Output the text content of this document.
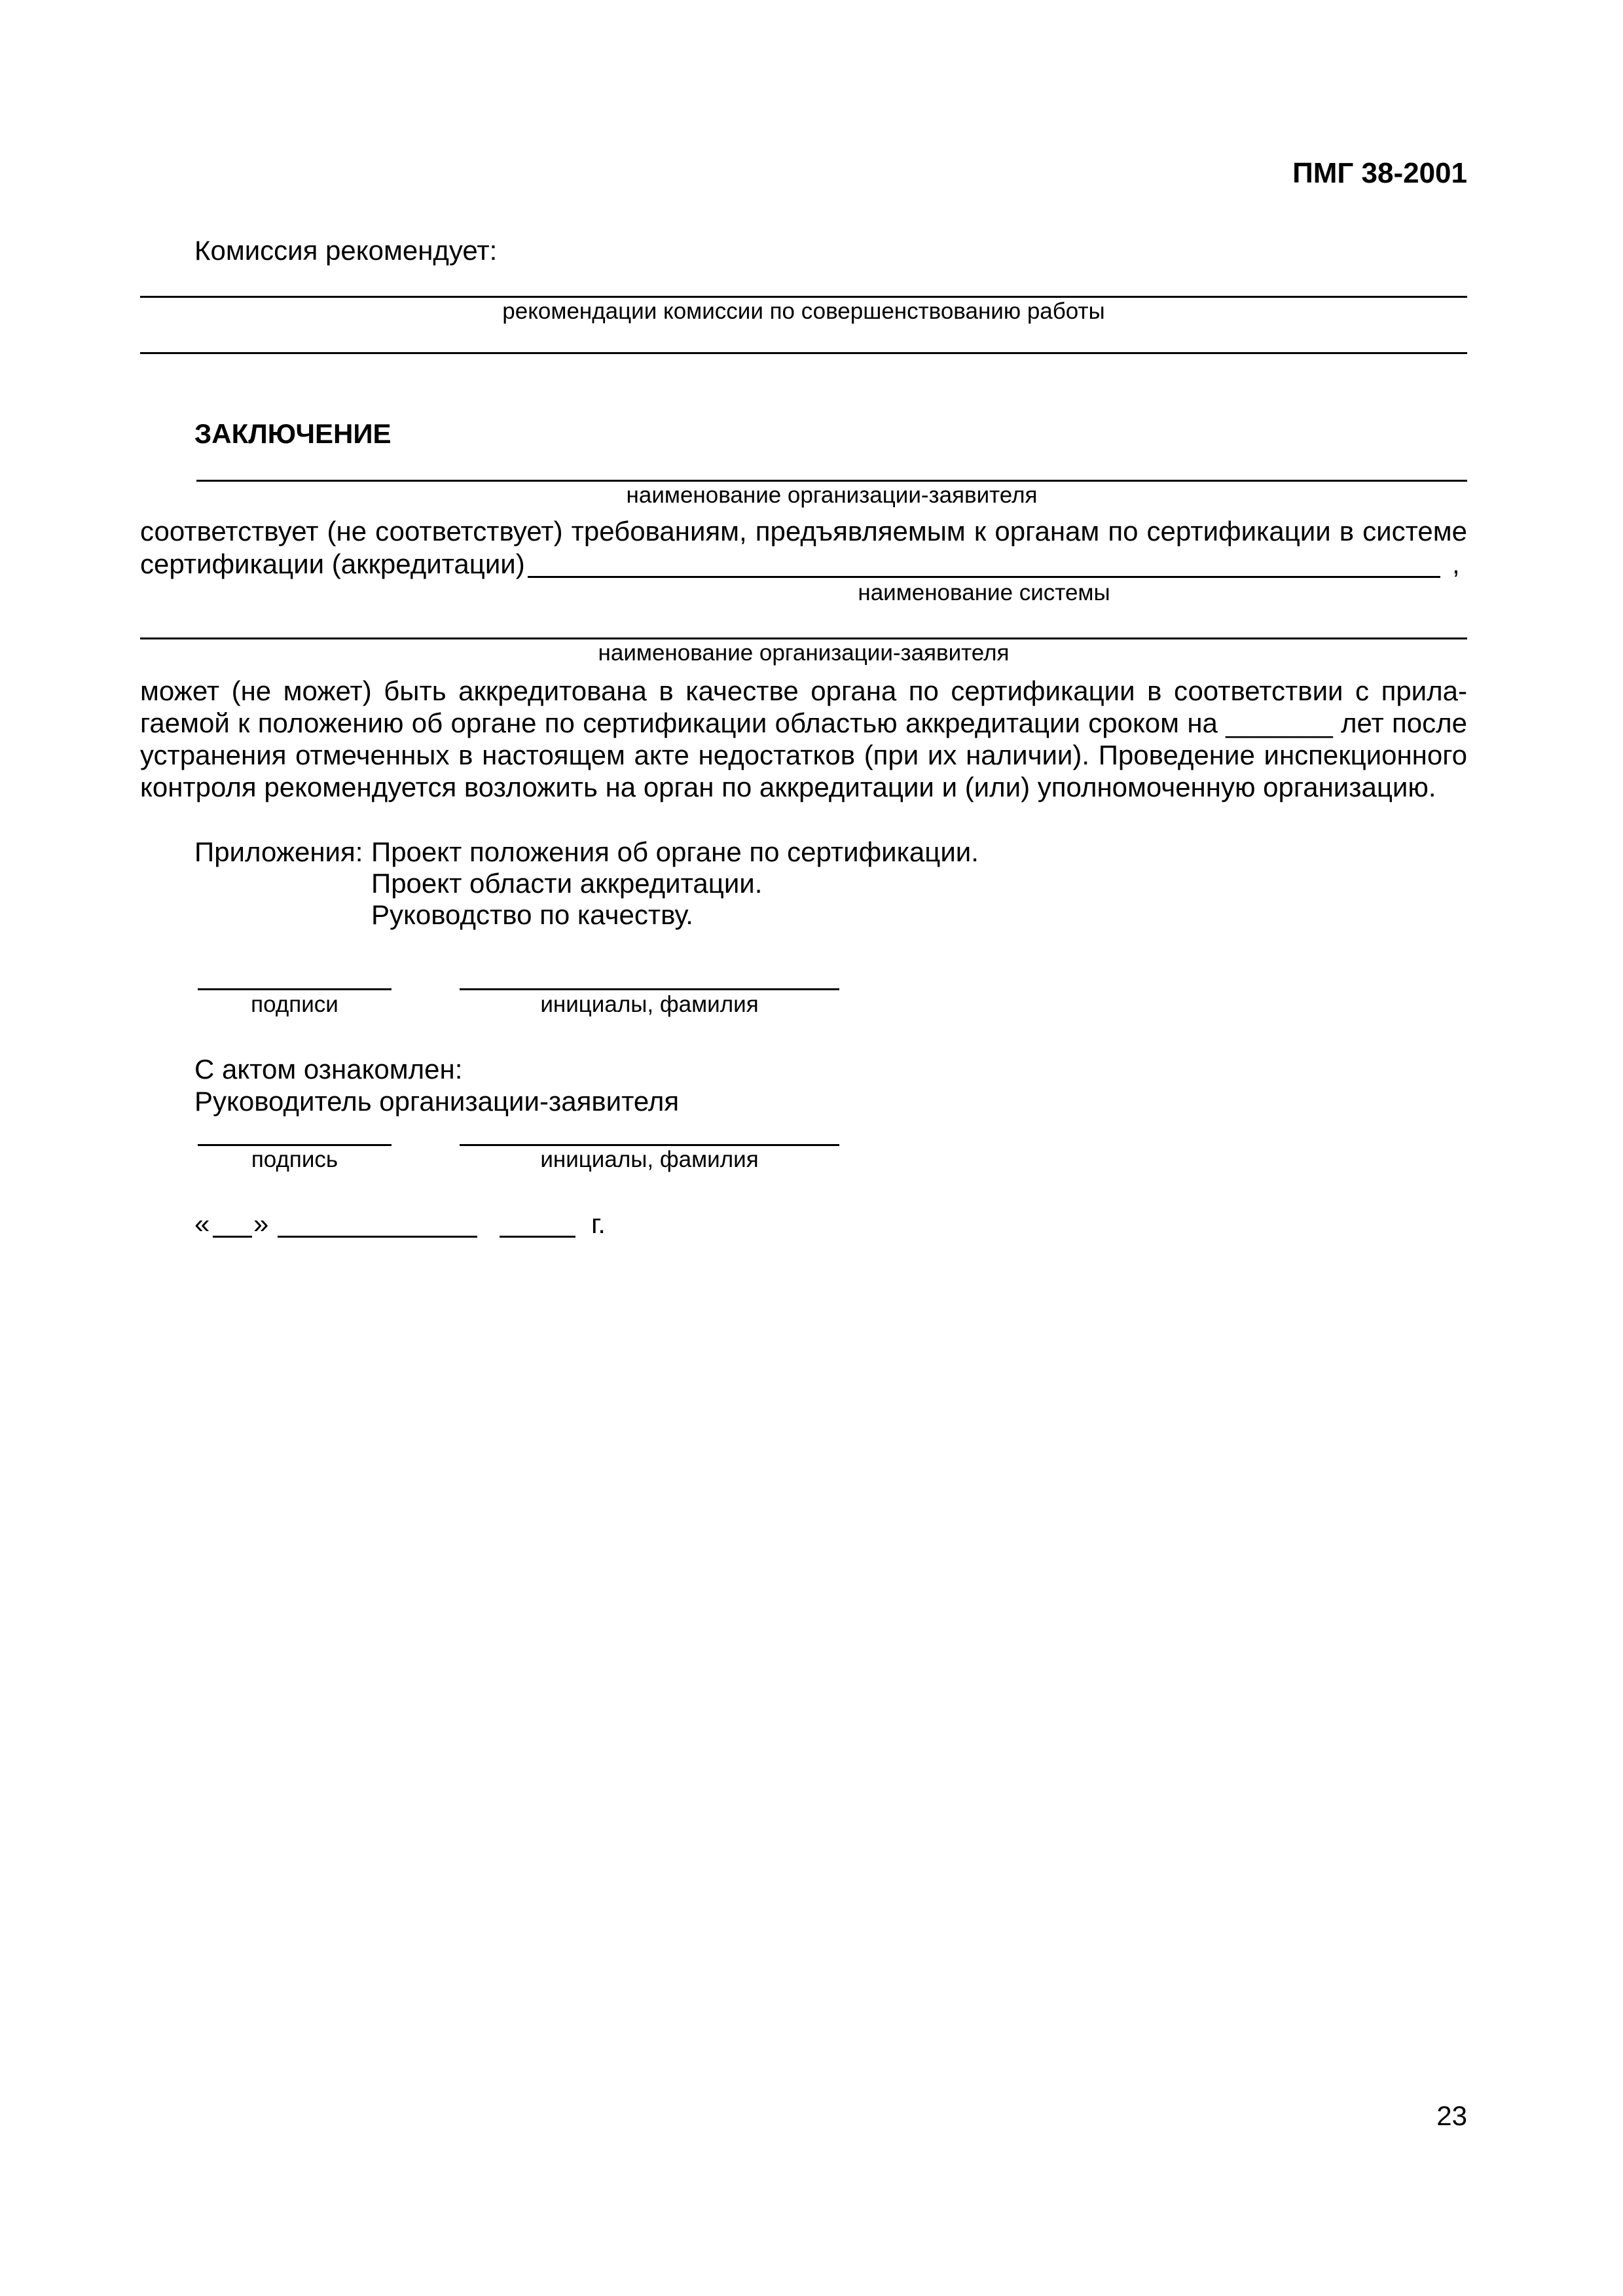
ПМГ 38-2001
Комиссия рекомендует:
рекомендации комиссии по совершенствованию работы
ЗАКЛЮЧЕНИЕ
наименование организации-заявителя
соответствует (не соответствует) требованиям, предъявляемым к органам по сертификации в системе
сертификации (аккредитации)	,
наименование системы
наименование организации-заявителя
может (не может) быть аккредитована в качестве органа по сертификации в соответствии с прила-
гаемой к положению об органе по сертификации областью аккредитации сроком на _______ лет после
устранения отмеченных в настоящем акте недостатков (при их наличии). Проведение инспекционного
контроля рекомендуется возложить на орган по аккредитации и (или) уполномоченную организацию.
Приложения: Проект положения об органе по сертификации.
Проект области аккредитации.
Руководство по качеству.
подписи	инициалы, фамилия
С актом ознакомлен:
Руководитель организации-заявителя
подпись	инициалы, фамилия
« »	г.
23
